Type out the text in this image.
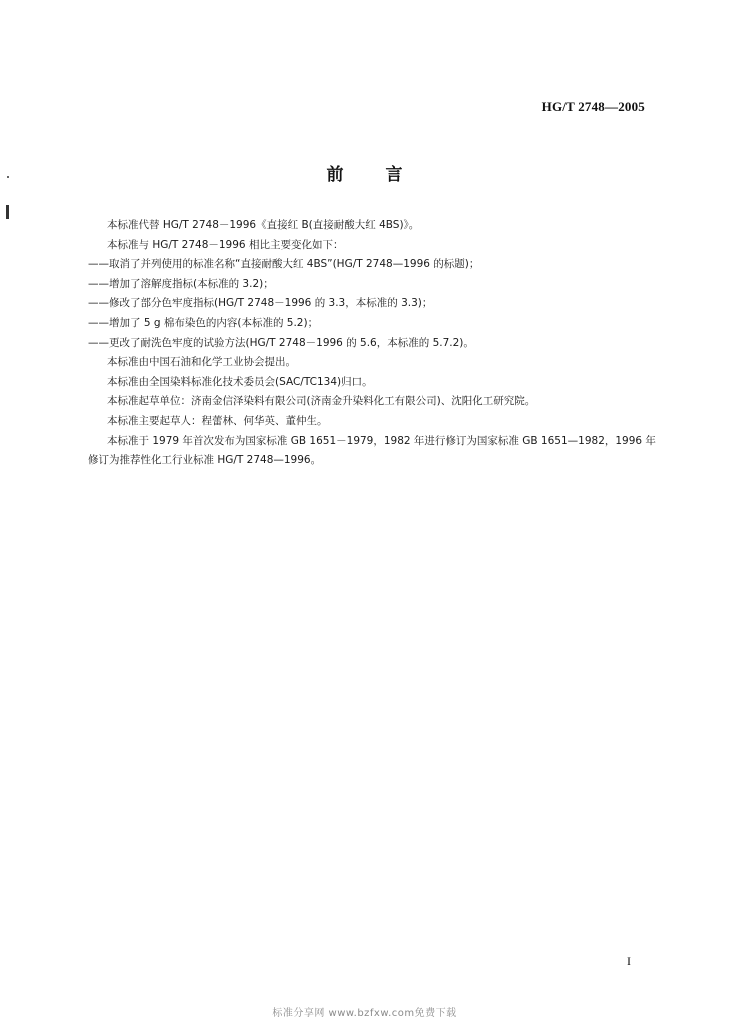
HG/T 2748—2005
前言

本标准代替 HG/T 2748－1996《直接红 B(直接耐酸大红 4BS)》。

本标准与 HG/T 2748－1996 相比主要变化如下：

——取消了并列使用的标准名称“直接耐酸大红 4BS”(HG/T 2748—1996 的标题)；

——增加了溶解度指标(本标准的 3.2)；

——修改了部分色牢度指标(HG/T 2748－1996 的 3.3，本标准的 3.3)；

——增加了 5 g 棉布染色的内容(本标准的 5.2)；

——更改了耐洗色牢度的试验方法(HG/T 2748－1996 的 5.6，本标准的 5.7.2)。

本标准由中国石油和化学工业协会提出。

本标准由全国染料标准化技术委员会(SAC/TC134)归口。

本标准起草单位：济南金信泽染料有限公司(济南金升染料化工有限公司)、沈阳化工研究院。

本标准主要起草人：程蕾林、何华英、董仲生。

本标准于 1979 年首次发布为国家标准 GB 1651－1979，1982 年进行修订为国家标准 GB 1651—1982，1996 年修订为推荐性化工行业标准 HG/T 2748—1996。

I
标准分享网 www.bzfxw.com免费下载
